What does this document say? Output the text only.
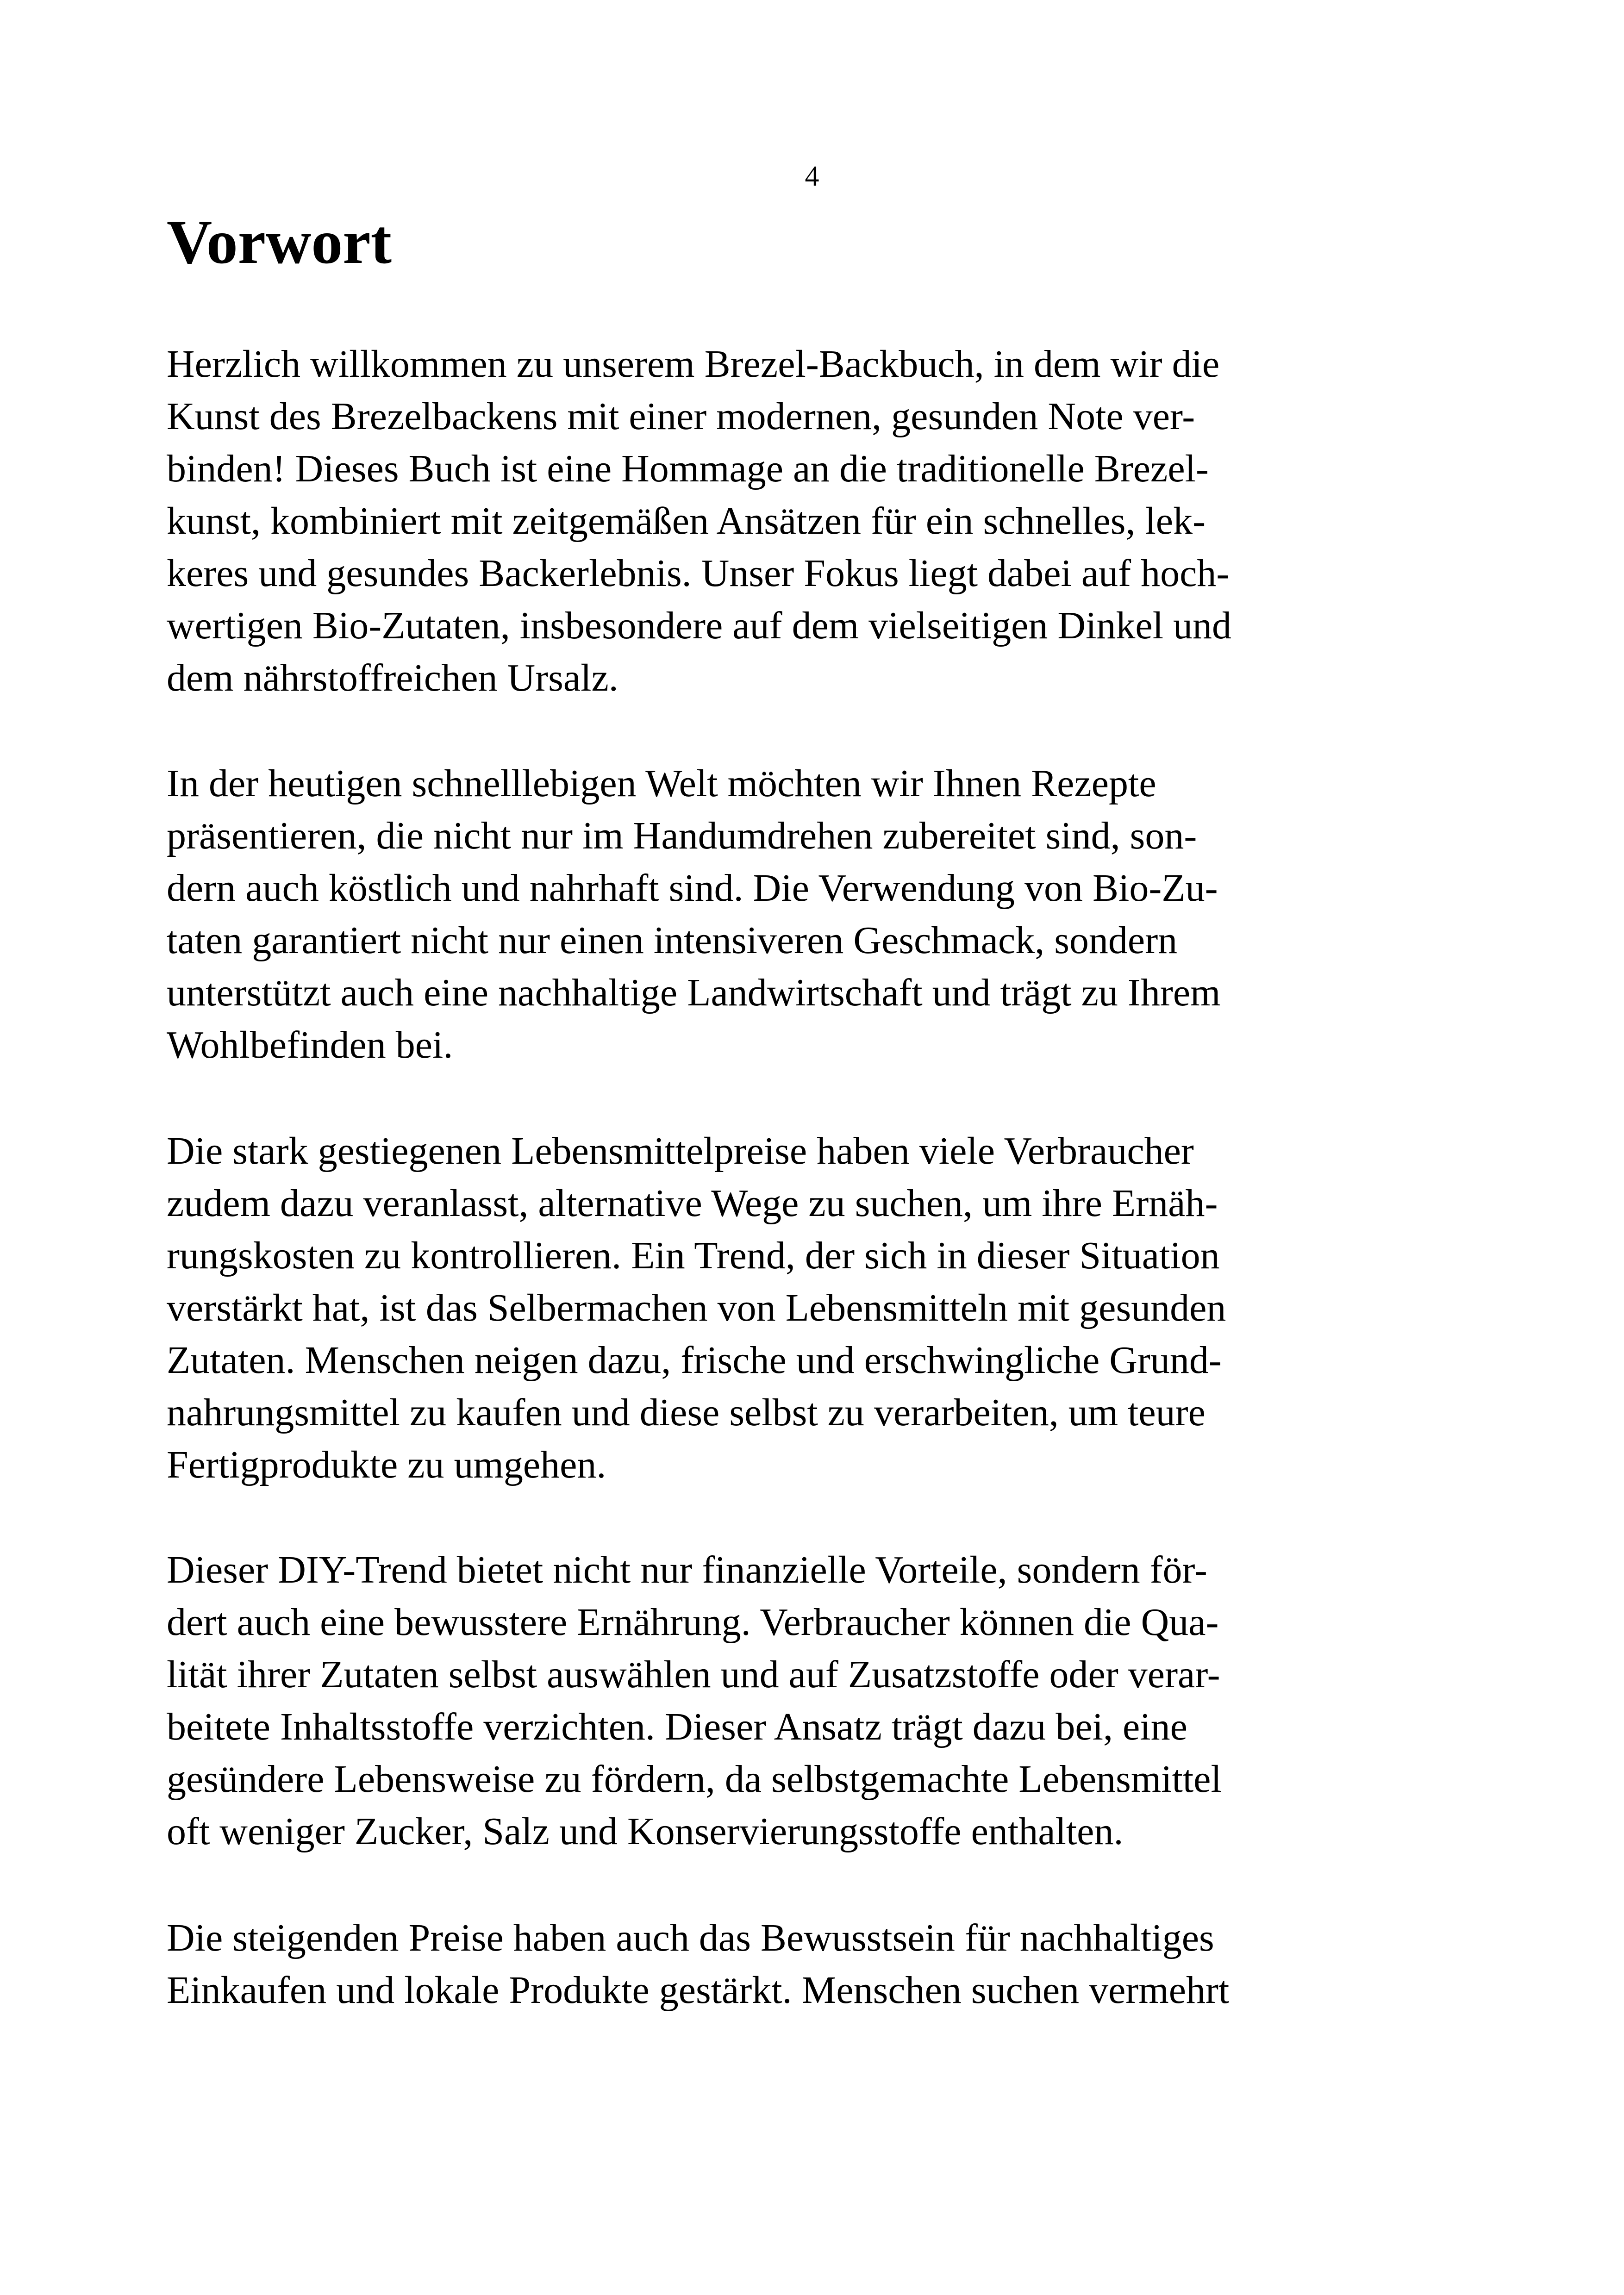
4
Vorwort
Herzlich willkommen zu unserem Brezel-Backbuch, in dem wir die
Kunst des Brezelbackens mit einer modernen, gesunden Note ver-
binden! Dieses Buch ist eine Hommage an die traditionelle Brezel-
kunst, kombiniert mit zeitgemäßen Ansätzen für ein schnelles, lek-
keres und gesundes Backerlebnis. Unser Fokus liegt dabei auf hoch-
wertigen Bio-Zutaten, insbesondere auf dem vielseitigen Dinkel und
dem nährstoffreichen Ursalz.
In der heutigen schnelllebigen Welt möchten wir Ihnen Rezepte
präsentieren, die nicht nur im Handumdrehen zubereitet sind, son-
dern auch köstlich und nahrhaft sind. Die Verwendung von Bio-Zu-
taten garantiert nicht nur einen intensiveren Geschmack, sondern
unterstützt auch eine nachhaltige Landwirtschaft und trägt zu Ihrem
Wohlbefinden bei.
Die stark gestiegenen Lebensmittelpreise haben viele Verbraucher
zudem dazu veranlasst, alternative Wege zu suchen, um ihre Ernäh-
rungskosten zu kontrollieren. Ein Trend, der sich in dieser Situation
verstärkt hat, ist das Selbermachen von Lebensmitteln mit gesunden
Zutaten. Menschen neigen dazu, frische und erschwingliche Grund-
nahrungsmittel zu kaufen und diese selbst zu verarbeiten, um teure
Fertigprodukte zu umgehen.
Dieser DIY-Trend bietet nicht nur finanzielle Vorteile, sondern för-
dert auch eine bewusstere Ernährung. Verbraucher können die Qua-
lität ihrer Zutaten selbst auswählen und auf Zusatzstoffe oder verar-
beitete Inhaltsstoffe verzichten. Dieser Ansatz trägt dazu bei, eine
gesündere Lebensweise zu fördern, da selbstgemachte Lebensmittel
oft weniger Zucker, Salz und Konservierungsstoffe enthalten.
Die steigenden Preise haben auch das Bewusstsein für nachhaltiges
Einkaufen und lokale Produkte gestärkt. Menschen suchen vermehrt
